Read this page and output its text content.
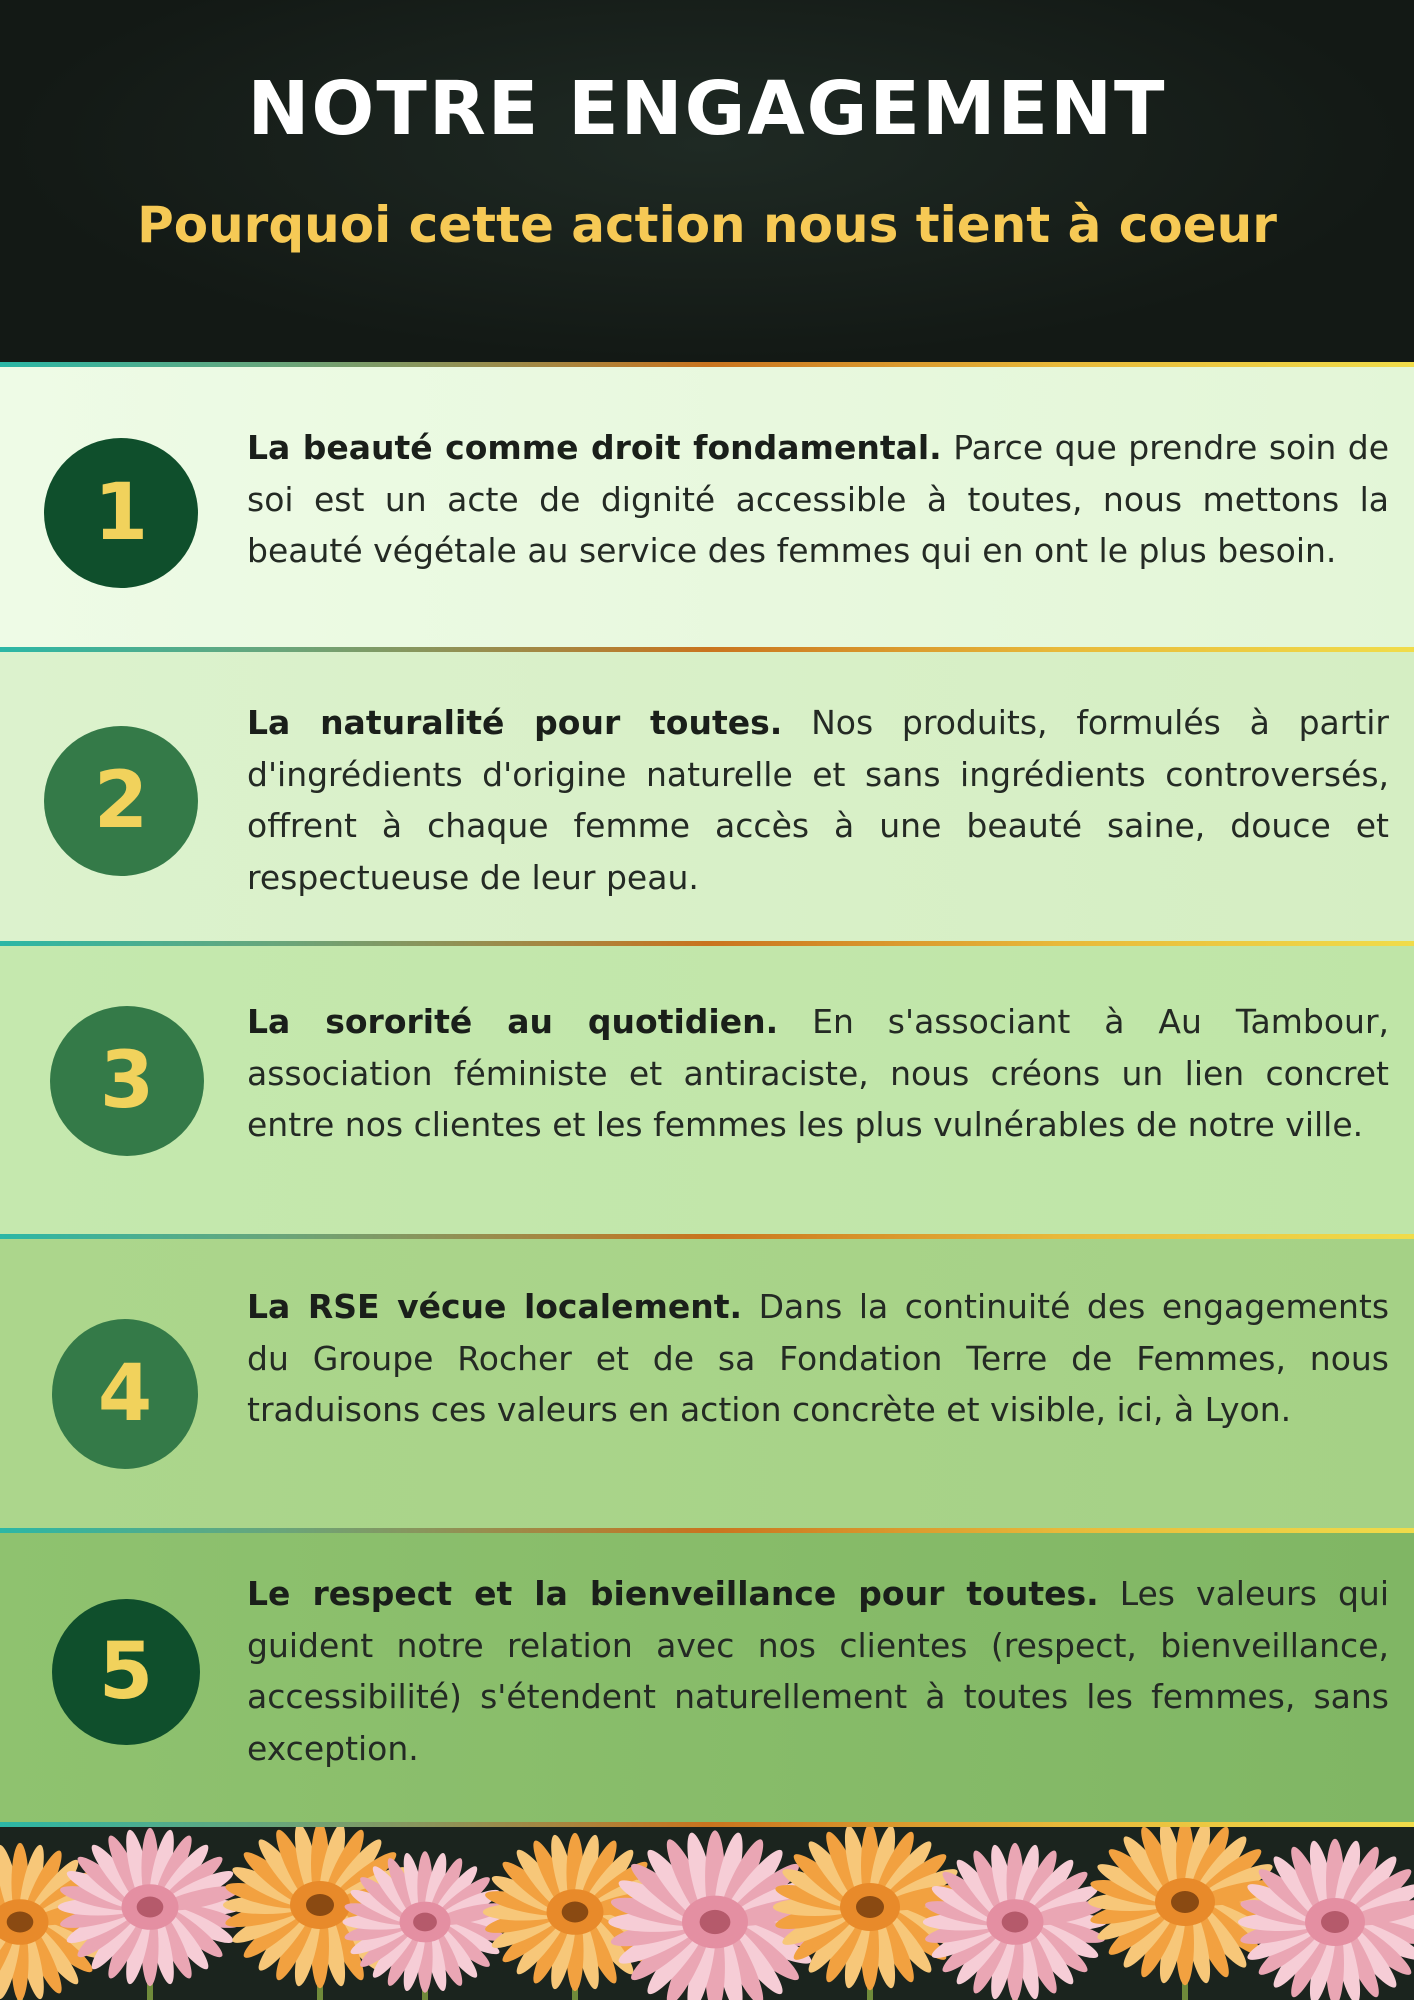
NOTRE ENGAGEMENT
Pourquoi cette action nous tient à coeur
1
La beauté comme droit fondamental. Parce que prendre soin de soi est un acte de dignité accessible à toutes, nous mettons la beauté végétale au service des femmes qui en ont le plus besoin.
2
La naturalité pour toutes. Nos produits, formulés à partir d'ingrédients d'origine naturelle et sans ingrédients controversés, offrent à chaque femme accès à une beauté saine, douce et respectueuse de leur peau.
3
La sororité au quotidien. En s'associant à Au Tambour, association féministe et antiraciste, nous créons un lien concret entre nos clientes et les femmes les plus vulnérables de notre ville.
4
La RSE vécue localement. Dans la continuité des engagements du Groupe Rocher et de sa Fondation Terre de Femmes, nous traduisons ces valeurs en action concrète et visible, ici, à Lyon.
5
Le respect et la bienveillance pour toutes. Les valeurs qui guident notre relation avec nos clientes (respect, bienveillance, accessibilité) s'étendent naturellement à toutes les femmes, sans exception.
